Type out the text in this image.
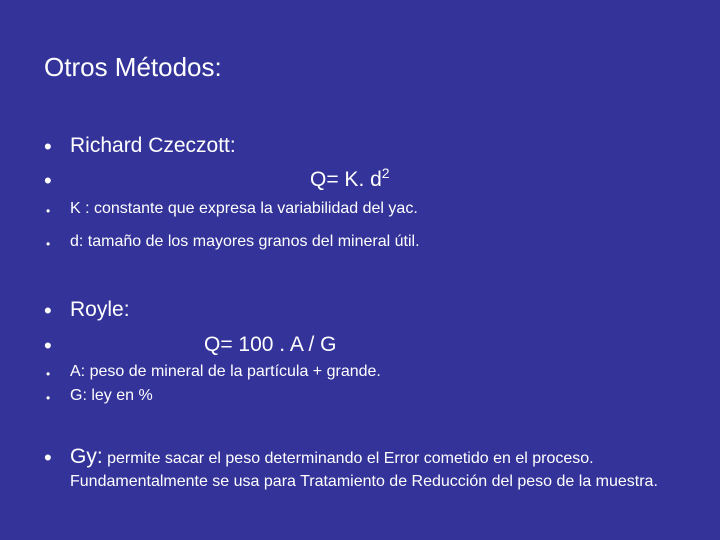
Otros Métodos:
• Richard Czeczott:
•	Q= K. $d^2$
• K : constante que expresa la variabilidad del yac.
• d: tamaño de los mayores granos del mineral útil.
• Royle:
•	Q= 100 . A / G
• A: peso de mineral de la partícula + grande.
• G: ley en %
• Gy: permite sacar el peso determinando el Error cometido en el proceso.
Fundamentalmente se usa para Tratamiento de Reducción del peso de la muestra.
